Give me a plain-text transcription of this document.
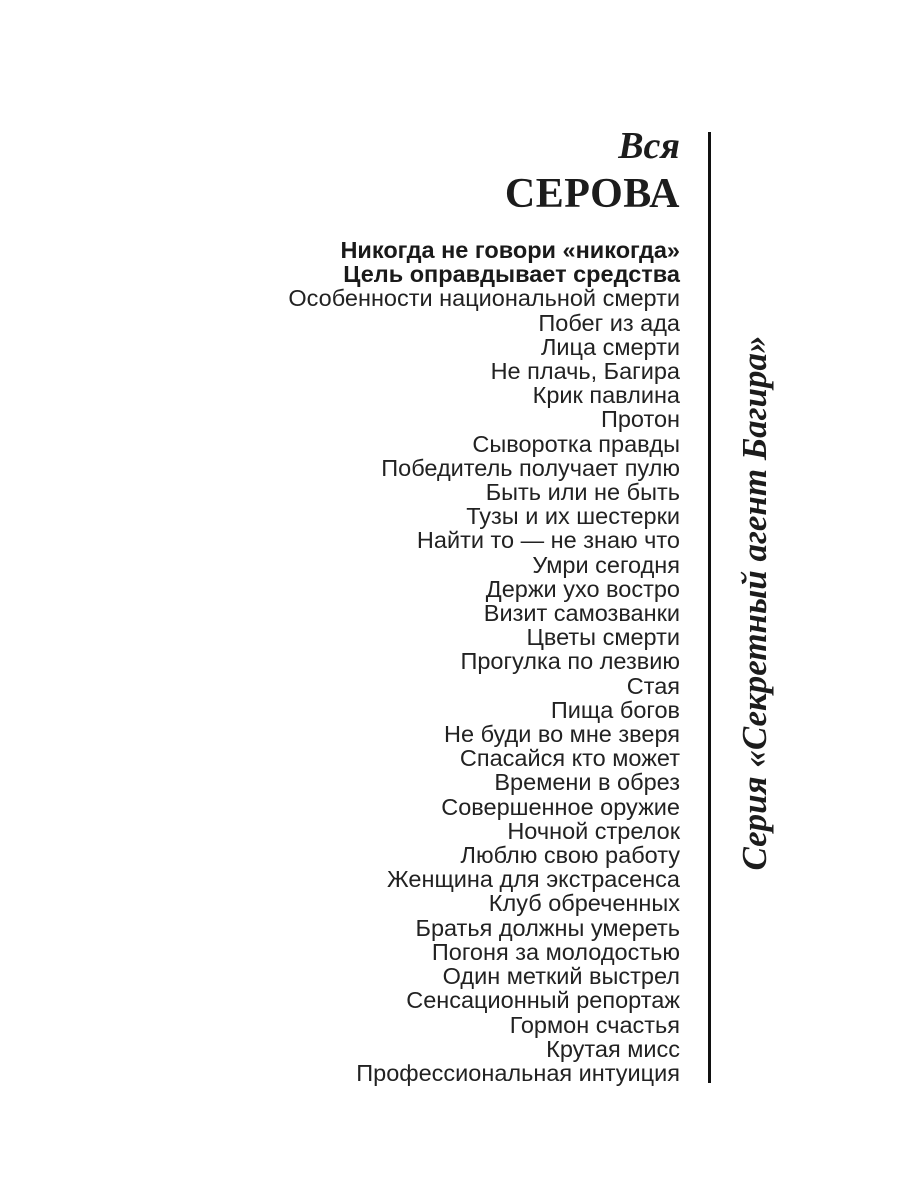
Вся
СЕРОВА
Никогда не говори «никогда»
Цель оправдывает средства
Особенности национальной смерти
Побег из ада
Лица смерти
Не плачь, Багира
Крик павлина
Протон
Сыворотка правды
Победитель получает пулю
Быть или не быть
Тузы и их шестерки
Найти то — не знаю что
Умри сегодня
Держи ухо востро
Визит самозванки
Цветы смерти
Прогулка по лезвию
Стая
Пища богов
Не буди во мне зверя
Спасайся кто может
Времени в обрез
Совершенное оружие
Ночной стрелок
Люблю свою работу
Женщина для экстрасенса
Клуб обреченных
Братья должны умереть
Погоня за молодостью
Один меткий выстрел
Сенсационный репортаж
Гормон счастья
Крутая мисс
Профессиональная интуиция
Серия «Секретный агент Багира»
